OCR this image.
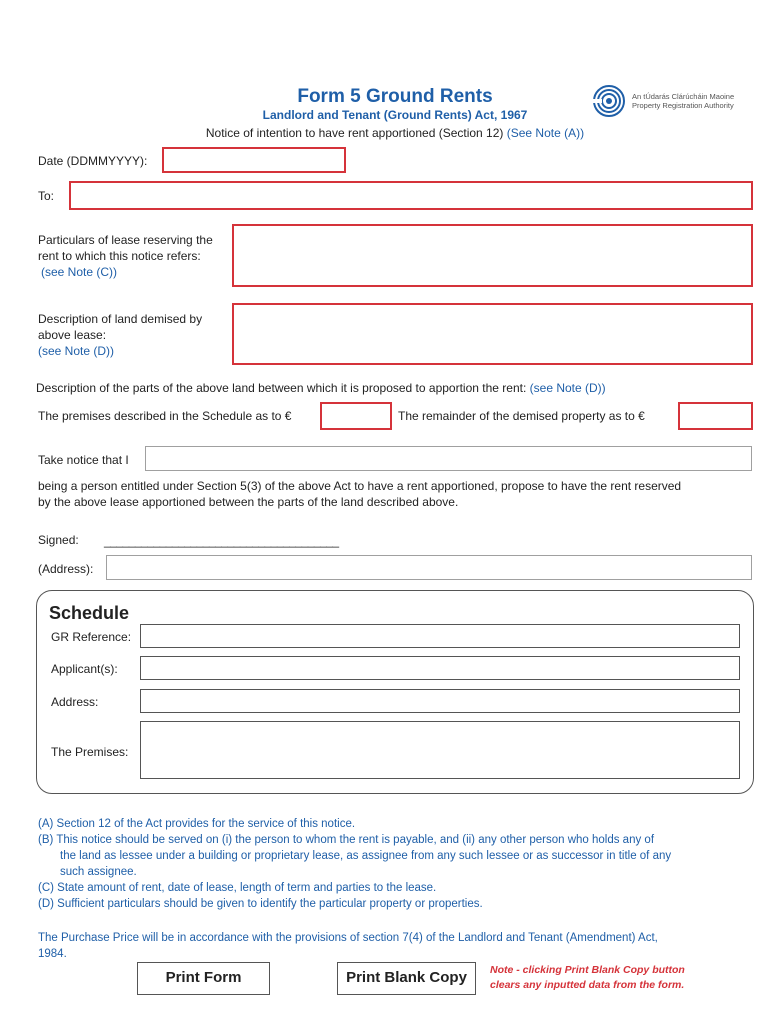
Form 5 Ground Rents
Landlord and Tenant (Ground Rents) Act, 1967
Notice of intention to have rent apportioned (Section 12) (See Note (A))
An tÚdarás Clárúcháin Maoine
Property Registration Authority
Date (DDMMYYYY):
To:
Particulars of lease reserving the
rent to which this notice refers:
(see Note (C))
Description of land demised by
above lease:
(see Note (D))
Description of the parts of the above land between which it is proposed to apportion the rent: (see Note (D))
The premises described in the Schedule as to €	The remainder of the demised property as to €
Take notice that I
being a person entitled under Section 5(3) of the above Act to have a rent apportioned, propose to have the rent reserved
by the above lease apportioned between the parts of the land described above.
Signed: ______________________________________
(Address):
Schedule
GR Reference:
Applicant(s):
Address:
The Premises:
(A) Section 12 of the Act provides for the service of this notice.
(B) This notice should be served on (i) the person to whom the rent is payable, and (ii) any other person who holds any of
the land as lessee under a building or proprietary lease, as assignee from any such lessee or as successor in title of any
such assignee.
(C) State amount of rent, date of lease, length of term and parties to the lease.
(D) Sufficient particulars should be given to identify the particular property or properties.
The Purchase Price will be in accordance with the provisions of section 7(4) of the Landlord and Tenant (Amendment) Act,
1984.
Print Form	Print Blank Copy	Note - clicking Print Blank Copy button
clears any inputted data from the form.
